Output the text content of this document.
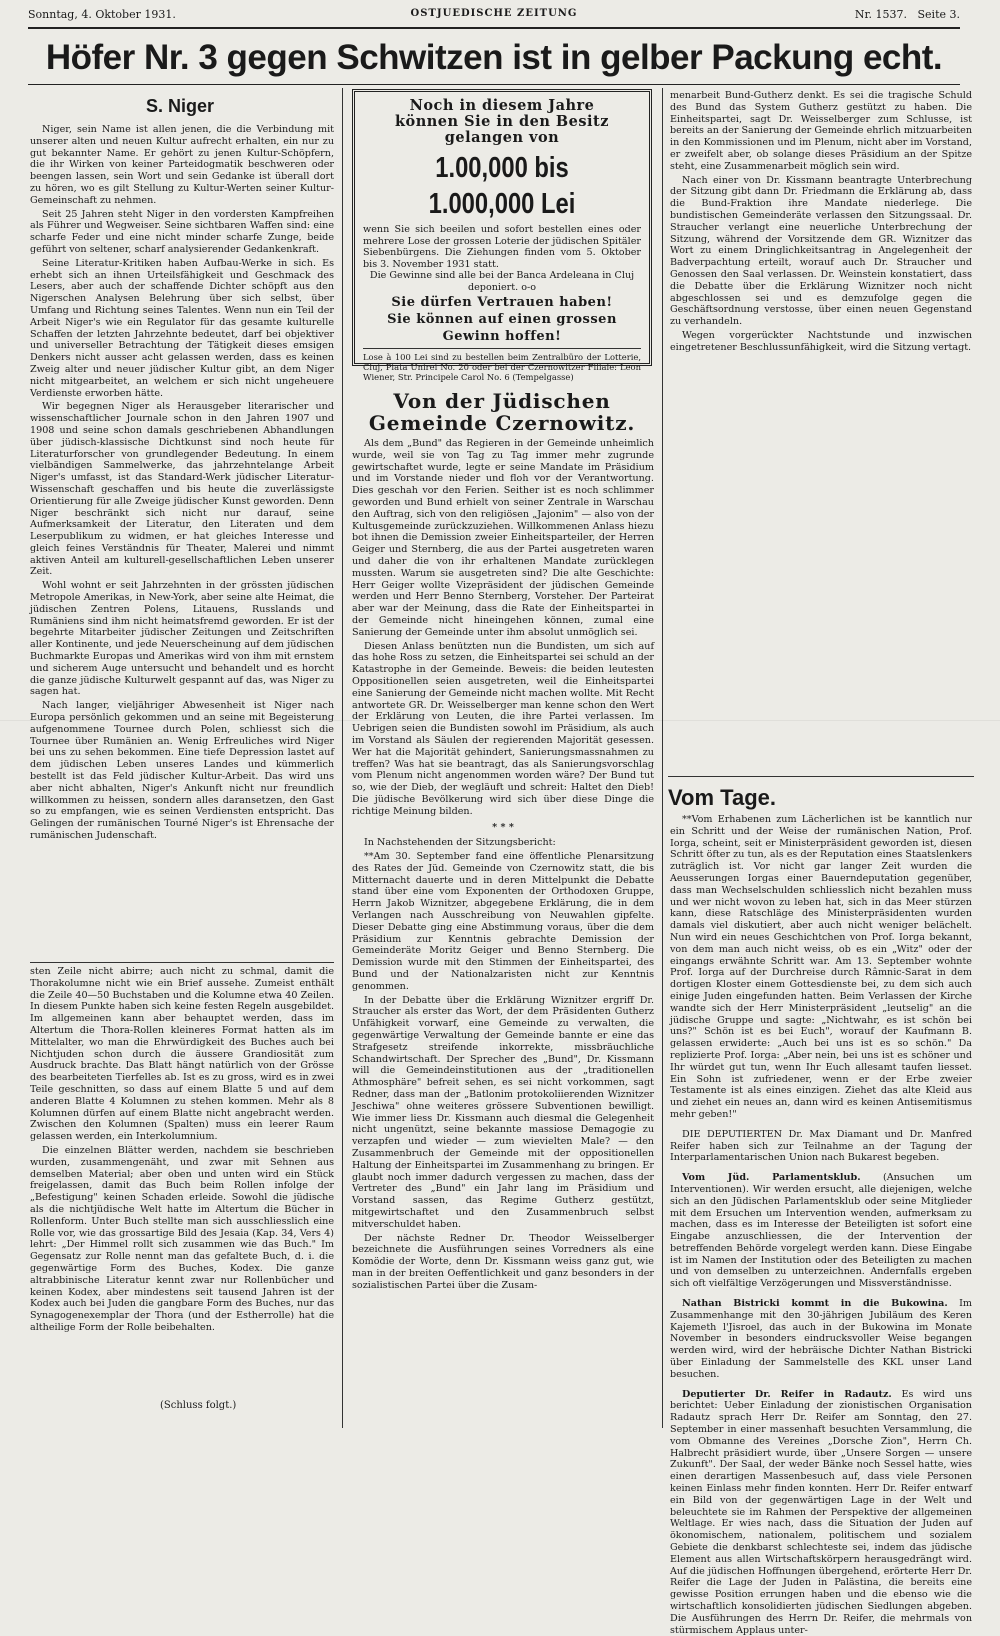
Sonntag, 4. Oktober 1931.	OSTJUEDISCHE ZEITUNG	Nr. 1537. Seite 3.
Höfer Nr. 3 gegen Schwitzen ist in gelber Packung echt.
S. Niger

Niger, sein Name ist allen jenen, die die Verbindung mit unserer alten und neuen Kultur aufrecht erhalten, ein nur zu gut bekannter Name. Er gehört zu jenen Kultur-Schöpfern, die ihr Wirken von keiner Parteidogmatik beschweren oder beengen lassen, sein Wort und sein Gedanke ist überall dort zu hören, wo es gilt Stellung zu Kultur-Werten seiner Kultur-Gemeinschaft zu nehmen.

Seit 25 Jahren steht Niger in den vordersten Kampfreihen als Führer und Wegweiser. Seine sichtbaren Waffen sind: eine scharfe Feder und eine nicht minder scharfe Zunge, beide geführt von seltener, scharf analysierender Gedankenkraft.

Seine Literatur-Kritiken haben Aufbau-Werke in sich. Es erhebt sich an ihnen Urteilsfähigkeit und Geschmack des Lesers, aber auch der schaffende Dichter schöpft aus den Nigerschen Analysen Belehrung über sich selbst, über Umfang und Richtung seines Talentes. Wenn nun ein Teil der Arbeit Niger's wie ein Regulator für das gesamte kulturelle Schaffen der letzten Jahrzehnte bedeutet, darf bei objektiver und universeller Betrachtung der Tätigkeit dieses emsigen Denkers nicht ausser acht gelassen werden, dass es keinen Zweig alter und neuer jüdischer Kultur gibt, an dem Niger nicht mitgearbeitet, an welchem er sich nicht ungeheuere Verdienste erworben hätte.

Wir begegnen Niger als Herausgeber literarischer und wissenschaftlicher Journale schon in den Jahren 1907 und 1908 und seine schon damals geschriebenen Abhandlungen über jüdisch-klassische Dichtkunst sind noch heute für Literaturforscher von grundlegender Bedeutung. In einem vielbändigen Sammelwerke, das jahrzehntelange Arbeit Niger's umfasst, ist das Standard-Werk jüdischer Literatur-Wissenschaft geschaffen und bis heute die zuverlässigste Orientierung für alle Zweige jüdischer Kunst geworden. Denn Niger beschränkt sich nicht nur darauf, seine Aufmerksamkeit der Literatur, den Literaten und dem Leserpublikum zu widmen, er hat gleiches Interesse und gleich feines Verständnis für Theater, Malerei und nimmt aktiven Anteil am kulturell-gesellschaftlichen Leben unserer Zeit.

Wohl wohnt er seit Jahrzehnten in der grössten jüdischen Metropole Amerikas, in New-York, aber seine alte Heimat, die jüdischen Zentren Polens, Litauens, Russlands und Rumäniens sind ihm nicht heimatsfremd geworden. Er ist der begehrte Mitarbeiter jüdischer Zeitungen und Zeitschriften aller Kontinente, und jede Neuerscheinung auf dem jüdischen Buchmarkte Europas und Amerikas wird von ihm mit ernstem und sicherem Auge untersucht und behandelt und es horcht die ganze jüdische Kulturwelt gespannt auf das, was Niger zu sagen hat.

Nach langer, vieljähriger Abwesenheit ist Niger nach Europa persönlich gekommen und an seine mit Begeisterung aufgenommene Tournee durch Polen, schliesst sich die Tournee über Rumänien an. Wenig Erfreuliches wird Niger bei uns zu sehen bekommen. Eine tiefe Depression lastet auf dem jüdischen Leben unseres Landes und kümmerlich bestellt ist das Feld jüdischer Kultur-Arbeit. Das wird uns aber nicht abhalten, Niger's Ankunft nicht nur freundlich willkommen zu heissen, sondern alles daransetzen, den Gast so zu empfangen, wie es seinen Verdiensten entspricht. Das Gelingen der rumänischen Tourné Niger's ist Ehrensache der rumänischen Judenschaft.

sten Zeile nicht abirre; auch nicht zu schmal, damit die Thorakolumne nicht wie ein Brief aussehe. Zumeist enthält die Zeile 40—50 Buchstaben und die Kolumne etwa 40 Zeilen. In diesem Punkte haben sich keine festen Regeln ausgebildet. Im allgemeinen kann aber behauptet werden, dass im Altertum die Thora-Rollen kleineres Format hatten als im Mittelalter, wo man die Ehrwürdigkeit des Buches auch bei Nichtjuden schon durch die äussere Grandiosität zum Ausdruck brachte. Das Blatt hängt natürlich von der Grösse des bearbeiteten Tierfelles ab. Ist es zu gross, wird es in zwei Teile geschnitten, so dass auf einem Blatte 5 und auf dem anderen Blatte 4 Kolumnen zu stehen kommen. Mehr als 8 Kolumnen dürfen auf einem Blatte nicht angebracht werden. Zwischen den Kolumnen (Spalten) muss ein leerer Raum gelassen werden, ein Interkolumnium.

Die einzelnen Blätter werden, nachdem sie beschrieben wurden, zusammengenäht, und zwar mit Sehnen aus demselben Material; aber oben und unten wird ein Stück freigelassen, damit das Buch beim Rollen infolge der „Befestigung" keinen Schaden erleide. Sowohl die jüdische als die nichtjüdische Welt hatte im Altertum die Bücher in Rollenform. Unter Buch stellte man sich ausschliesslich eine Rolle vor, wie das grossartige Bild des Jesaia (Kap. 34, Vers 4) lehrt: „Der Himmel rollt sich zusammen wie das Buch." Im Gegensatz zur Rolle nennt man das gefaltete Buch, d. i. die gegenwärtige Form des Buches, Kodex. Die ganze altrabbinische Literatur kennt zwar nur Rollenbücher und keinen Kodex, aber mindestens seit tausend Jahren ist der Kodex auch bei Juden die gangbare Form des Buches, nur das Synagogenexemplar der Thora (und der Estherrolle) hat die altheilige Form der Rolle beibehalten.

(Schluss folgt.)
Noch in diesem Jahre
können Sie in den Besitz
gelangen von
1.00,000 bis 1.000,000 Lei
wenn Sie sich beeilen und sofort bestellen eines oder mehrere Lose der grossen Loterie der jüdischen Spitäler Siebenbürgens. Die Ziehungen finden vom 5. Oktober bis 3. November 1931 statt.
Die Gewinne sind alle bei der Banca Ardeleana in Cluj deponiert. o-o
Sie dürfen Vertrauen haben!
Sie können auf einen grossen
Gewinn hoffen!
Lose à 100 Lei sind zu bestellen beim Zentralbüro der Lotterie, Cluj, Piata Unirei No. 20 oder bei der Czernowitzer Filiale: Leon Wiener, Str. Principele Carol No. 6 (Tempelgasse)
Von der Jüdischen
Gemeinde Czernowitz.

Als dem „Bund" das Regieren in der Gemeinde unheimlich wurde, weil sie von Tag zu Tag immer mehr zugrunde gewirtschaftet wurde, legte er seine Mandate im Präsidium und im Vorstande nieder und floh vor der Verantwortung. Dies geschah vor den Ferien. Seither ist es noch schlimmer geworden und Bund erhielt von seiner Zentrale in Warschau den Auftrag, sich von den religiösen „Jajonim" — also von der Kultusgemeinde zurückzuziehen. Willkommenen Anlass hiezu bot ihnen die Demission zweier Einheitsparteiler, der Herren Geiger und Sternberg, die aus der Partei ausgetreten waren und daher die von ihr erhaltenen Mandate zurücklegen mussten. Warum sie ausgetreten sind? Die alte Geschichte: Herr Geiger wollte Vizepräsident der jüdischen Gemeinde werden und Herr Benno Sternberg, Vorsteher. Der Parteirat aber war der Meinung, dass die Rate der Einheitspartei in der Gemeinde nicht hineingehen können, zumal eine Sanierung der Gemeinde unter ihm absolut unmöglich sei.

Diesen Anlass benützten nun die Bundisten, um sich auf das hohe Ross zu setzen, die Einheitspartei sei schuld an der Katastrophe in der Gemeinde. Beweis: die beiden leutesten Oppositionellen seien ausgetreten, weil die Einheitspartei eine Sanierung der Gemeinde nicht machen wollte. Mit Recht antwortete GR. Dr. Weisselberger man kenne schon den Wert der Erklärung von Leuten, die ihre Partei verlassen. Im Uebrigen seien die Bundisten sowohl im Präsidium, als auch im Vorstand als Säulen der regierenden Majorität gesessen. Wer hat die Majorität gehindert, Sanierungsmassnahmen zu treffen? Was hat sie beantragt, das als Sanierungsvorschlag vom Plenum nicht angenommen worden wäre? Der Bund tut so, wie der Dieb, der wegläuft und schreit: Haltet den Dieb! Die jüdische Bevölkerung wird sich über diese Dinge die richtige Meinung bilden.

* * *

In Nachstehenden der Sitzungsbericht:

**Am 30. September fand eine öffentliche Plenarsitzung des Rates der Jüd. Gemeinde von Czernowitz statt, die bis Mitternacht dauerte und in deren Mittelpunkt die Debatte stand über eine vom Exponenten der Orthodoxen Gruppe, Herrn Jakob Wiznitzer, abgegebene Erklärung, die in dem Verlangen nach Ausschreibung von Neuwahlen gipfelte. Dieser Debatte ging eine Abstimmung voraus, über die dem Präsidium zur Kenntnis gebrachte Demission der Gemeinderäte Moritz Geiger und Benno Sternberg. Die Demission wurde mit den Stimmen der Einheitspartei, des Bund und der Nationalzaristen nicht zur Kenntnis genommen.

In der Debatte über die Erklärung Wiznitzer ergriff Dr. Straucher als erster das Wort, der dem Präsidenten Gutherz Unfähigkeit vorwarf, eine Gemeinde zu verwalten, die gegenwärtige Verwaltung der Gemeinde bannte er eine das Strafgesetz streifende inkorrekte, missbräuchliche Schandwirtschaft. Der Sprecher des „Bund", Dr. Kissmann will die Gemeindeinstitutionen aus der „traditionellen Athmosphäre" befreit sehen, es sei nicht vorkommen, sagt Redner, dass man der „Batlonim protokoliierenden Wiznitzer Jeschiwa" ohne weiteres grössere Subventionen bewilligt. Wie immer liess Dr. Kissmann auch diesmal die Gelegenheit nicht ungenützt, seine bekannte massiose Demagogie zu verzapfen und wieder — zum wievielten Male? — den Zusammenbruch der Gemeinde mit der oppositionellen Haltung der Einheitspartei im Zusammenhang zu bringen. Er glaubt noch immer dadurch vergessen zu machen, dass der Vertreter des „Bund" ein Jahr lang im Präsidium und Vorstand sassen, das Regime Gutherz gestützt, mitgewirtschaftet und den Zusammenbruch selbst mitverschuldet haben.

Der nächste Redner Dr. Theodor Weisselberger bezeichnete die Ausführungen seines Vorredners als eine Komödie der Worte, denn Dr. Kissmann weiss ganz gut, wie man in der breiten Oeffentlichkeit und ganz besonders in der sozialistischen Partei über die Zusam-

menarbeit Bund-Gutherz denkt. Es sei die tragische Schuld des Bund das System Gutherz gestützt zu haben. Die Einheitspartei, sagt Dr. Weisselberger zum Schlusse, ist bereits an der Sanierung der Gemeinde ehrlich mitzuarbeiten in den Kommissionen und im Plenum, nicht aber im Vorstand, er zweifelt aber, ob solange dieses Präsidium an der Spitze steht, eine Zusammenarbeit möglich sein wird.

Nach einer von Dr. Kissmann beantragte Unterbrechung der Sitzung gibt dann Dr. Friedmann die Erklärung ab, dass die Bund-Fraktion ihre Mandate niederlege. Die bundistischen Gemeinderäte verlassen den Sitzungssaal. Dr. Straucher verlangt eine neuerliche Unterbrechung der Sitzung, während der Vorsitzende dem GR. Wiznitzer das Wort zu einem Dringlichkeitsantrag in Angelegenheit der Badverpachtung erteilt, worauf auch Dr. Straucher und Genossen den Saal verlassen. Dr. Weinstein konstatiert, dass die Debatte über die Erklärung Wiznitzer noch nicht abgeschlossen sei und es demzufolge gegen die Geschäftsordnung verstosse, über einen neuen Gegenstand zu verhandeln.

Wegen vorgerückter Nachtstunde und inzwischen eingetretener Beschlussunfähigkeit, wird die Sitzung vertagt.

Vom Tage.

**Vom Erhabenen zum Lächerlichen ist be kanntlich nur ein Schritt und der Weise der rumänischen Nation, Prof. Iorga, scheint, seit er Ministerpräsident geworden ist, diesen Schritt öfter zu tun, als es der Reputation eines Staatslenkers zuträglich ist. Vor nicht gar langer Zeit wurden die Aeusserungen Iorgas einer Bauerndeputation gegenüber, dass man Wechselschulden schliesslich nicht bezahlen muss und wer nicht wovon zu leben hat, sich in das Meer stürzen kann, diese Ratschläge des Ministerpräsidenten wurden damals viel diskutiert, aber auch nicht weniger belächelt. Nun wird ein neues Geschichtchen von Prof. Iorga bekannt, von dem man auch nicht weiss, ob es ein „Witz" oder der eingangs erwähnte Schritt war. Am 13. September wohnte Prof. Iorga auf der Durchreise durch Râmnic-Sarat in dem dortigen Kloster einem Gottesdienste bei, zu dem sich auch einige Juden eingefunden hatten. Beim Verlassen der Kirche wandte sich der Herr Ministerpräsident „leutselig" an die jüdische Gruppe und sagte: „Nichtwahr, es ist schön bei uns?" Schön ist es bei Euch", worauf der Kaufmann B. gelassen erwiderte: „Auch bei uns ist es so schön." Da replizierte Prof. Iorga: „Aber nein, bei uns ist es schöner und Ihr würdet gut tun, wenn Ihr Euch allesamt taufen liesset. Ein Sohn ist zufriedener, wenn er der Erbe zweier Testamente ist als eines einzigen. Ziehet das alte Kleid aus und ziehet ein neues an, dann wird es keinen Antisemitismus mehr geben!"

DIE DEPUTIERTEN Dr. Max Diamant und Dr. Manfred Reifer haben sich zur Teilnahme an der Tagung der Interparlamentarischen Union nach Bukarest begeben.

Vom Jüd. Parlamentsklub. (Ansuchen um Interventionen). Wir werden ersucht, alle diejenigen, welche sich an den Jüdischen Parlamentsklub oder seine Mitglieder mit dem Ersuchen um Intervention wenden, aufmerksam zu machen, dass es im Interesse der Beteiligten ist sofort eine Eingabe anzuschliessen, die der Intervention der betreffenden Behörde vorgelegt werden kann. Diese Eingabe ist im Namen der Institution oder des Beteiligten zu machen und von demselben zu unterzeichnen. Andernfalls ergeben sich oft vielfältige Verzögerungen und Missverständnisse.

Nathan Bistricki kommt in die Bukowina. Im Zusammenhange mit den 30-jährigen Jubiläum des Keren Kajemeth l'Jisroel, das auch in der Bukowina im Monate November in besonders eindrucksvoller Weise begangen werden wird, wird der hebräische Dichter Nathan Bistricki über Einladung der Sammelstelle des KKL unser Land besuchen.

Deputierter Dr. Reifer in Radautz. Es wird uns berichtet: Ueber Einladung der zionistischen Organisation Radautz sprach Herr Dr. Reifer am Sonntag, den 27. September in einer massenhaft besuchten Versammlung, die vom Obmanne des Vereines „Dorsche Zion", Herrn Ch. Halbrecht präsidiert wurde, über „Unsere Sorgen — unsere Zukunft". Der Saal, der weder Bänke noch Sessel hatte, wies einen derartigen Massenbesuch auf, dass viele Personen keinen Einlass mehr finden konnten. Herr Dr. Reifer entwarf ein Bild von der gegenwärtigen Lage in der Welt und beleuchtete sie im Rahmen der Perspektive der allgemeinen Weltlage. Er wies nach, dass die Situation der Juden auf ökonomischem, nationalem, politischem und sozialem Gebiete die denkbarst schlechteste sei, indem das jüdische Element aus allen Wirtschaftskörpern herausgedrängt wird. Auf die jüdischen Hoffnungen übergehend, erörterte Herr Dr. Reifer die Lage der Juden in Palästina, die bereits eine gewisse Position errungen haben und die ebenso wie die wirtschaftlich konsolidierten jüdischen Siedlungen abgeben. Die Ausführungen des Herrn Dr. Reifer, die mehrmals von stürmischem Applaus unter-
